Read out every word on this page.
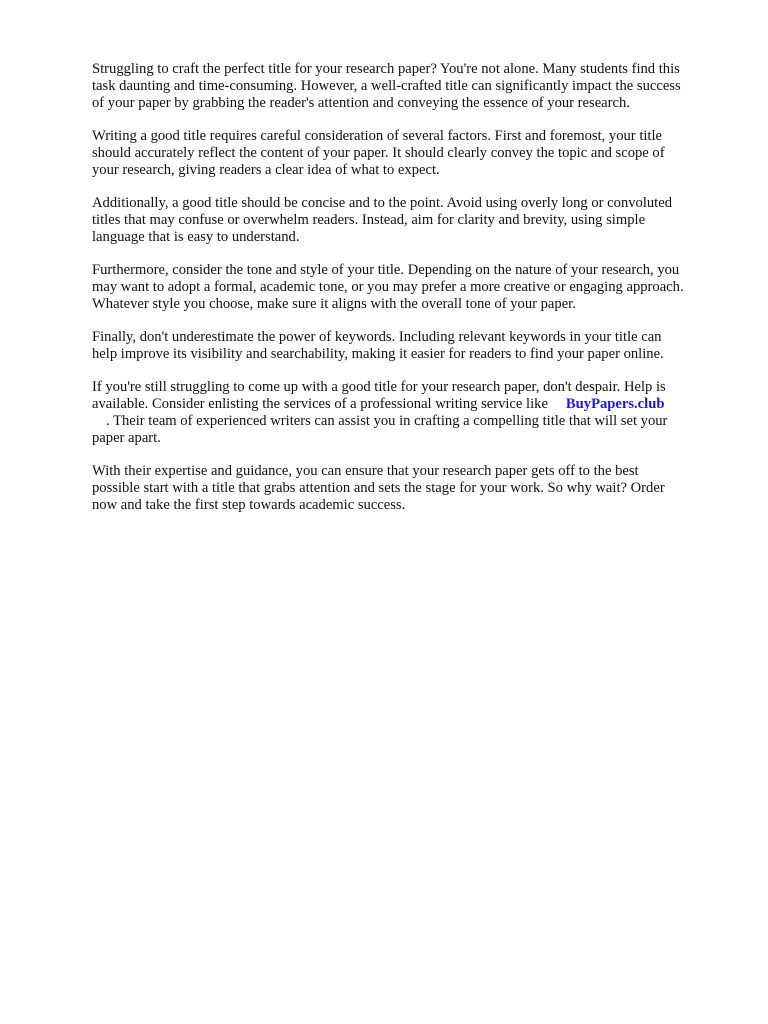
Struggling to craft the perfect title for your research paper? You're not alone. Many students find this
task daunting and time-consuming. However, a well-crafted title can significantly impact the success
of your paper by grabbing the reader's attention and conveying the essence of your research.

Writing a good title requires careful consideration of several factors. First and foremost, your title
should accurately reflect the content of your paper. It should clearly convey the topic and scope of
your research, giving readers a clear idea of what to expect.

Additionally, a good title should be concise and to the point. Avoid using overly long or convoluted
titles that may confuse or overwhelm readers. Instead, aim for clarity and brevity, using simple
language that is easy to understand.

Furthermore, consider the tone and style of your title. Depending on the nature of your research, you
may want to adopt a formal, academic tone, or you may prefer a more creative or engaging approach.
Whatever style you choose, make sure it aligns with the overall tone of your paper.

Finally, don't underestimate the power of keywords. Including relevant keywords in your title can
help improve its visibility and searchability, making it easier for readers to find your paper online.

If you're still struggling to come up with a good title for your research paper, don't despair. Help is
available. Consider enlisting the services of a professional writing service like BuyPapers.club
. Their team of experienced writers can assist you in crafting a compelling title that will set your
paper apart.

With their expertise and guidance, you can ensure that your research paper gets off to the best
possible start with a title that grabs attention and sets the stage for your work. So why wait? Order
now and take the first step towards academic success.
